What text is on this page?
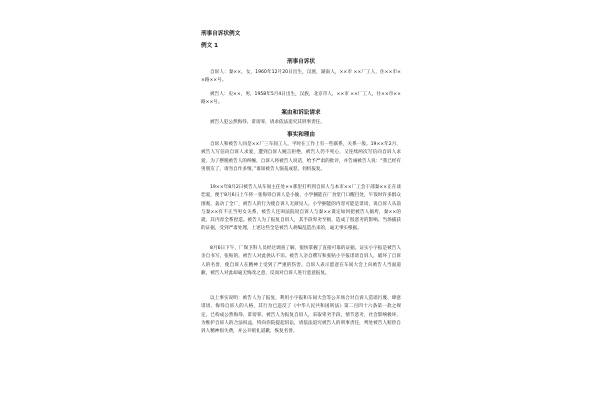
刑事自诉状例文
例文 1
刑事自诉状

自诉人：秦××，女，1960年12月20日出生，汉族，湖南人，××市 ××厂工人，住××市××路××号。

被告人：史××，男，1958年5月4日出生，汉族，北京市人，××市 ××厂工人，住××市××路××号。

案由和诉讼请求

被告人犯公然侮辱、诽谤罪，请求依法追究其刑事责任。

事实和理由

自诉人和被告人同是××厂三车间工人，平时在工作上有一些联系，关系一般。19××年2月，被告人写信向自诉人求爱，遭到自诉人婉言拒绝，被告人仍不死心，又连续两次写信向自诉人求爱，为了摆脱被告人的纠缠，自诉人将被告人说话，给予严肃的批评，并告诫被告人说：“我已经有男朋友了，请勿自作多情。”谁知被告人恼羞成怒，伺机报复。

19××年8月2日被告人从车间主任处××那里打听到自诉人与本市××厂工会干部秦××正在谈恋爱，便于8月6日上午将一张侮辱自诉人是小偷，小学捆能在厂食堂门口醒目处，午饭时许多群众围观，轰动了全厂，被告人的行为使自诉人无颜见人。小学捆能的内容可能是诽谤，说自诉人从前与秦××有不正当男女关系，被告人还叫法院说自诉人与秦××谋定如何把被告人搞垮，秦××的就，其内容全系捏造。被告人为了报复自诉人，其手段卑劣至极，造成了很恶劣的影响。当场捕获的证据，受到严肃处理，上述这些全是被告人胡编乱造出来的，毫无事实根据。

8月6日下午，厂保卫科人员经过调查了解，很快掌握了直接可靠的证据，证实小字报是被告人亲自书写、张贴的，被告人对此供认不讳。被告人亲自撰写和张贴小字报诽谤自诉人，破坏了自诉人的名誉，使自诉人在精神上受到了严重的伤害。自诉人表示愿意在车间大会上向被告人当面道歉，被告人对此却毫无悔改之意，反而对自诉人进行恶意报复。

以上事实说明：被告人为了报复，利用小字报和车间大会等公开场合对自诉人造谣污蔑、肆意诽谤、侮辱自诉人的人格，其行为已违反了《中华人民共和国刑法》第二百四十六条第一款之规定，已构成公然侮辱、诽谤罪。被告人为报复自诉人，采取卑劣手段，情节恶劣，社会影响极坏，为维护自诉人的合法权益，特向你院提起诉讼，请依法追究被告人的刑事责任，判处被告人赔偿自诉人精神损失费，并公开赔礼道歉，恢复名誉。
